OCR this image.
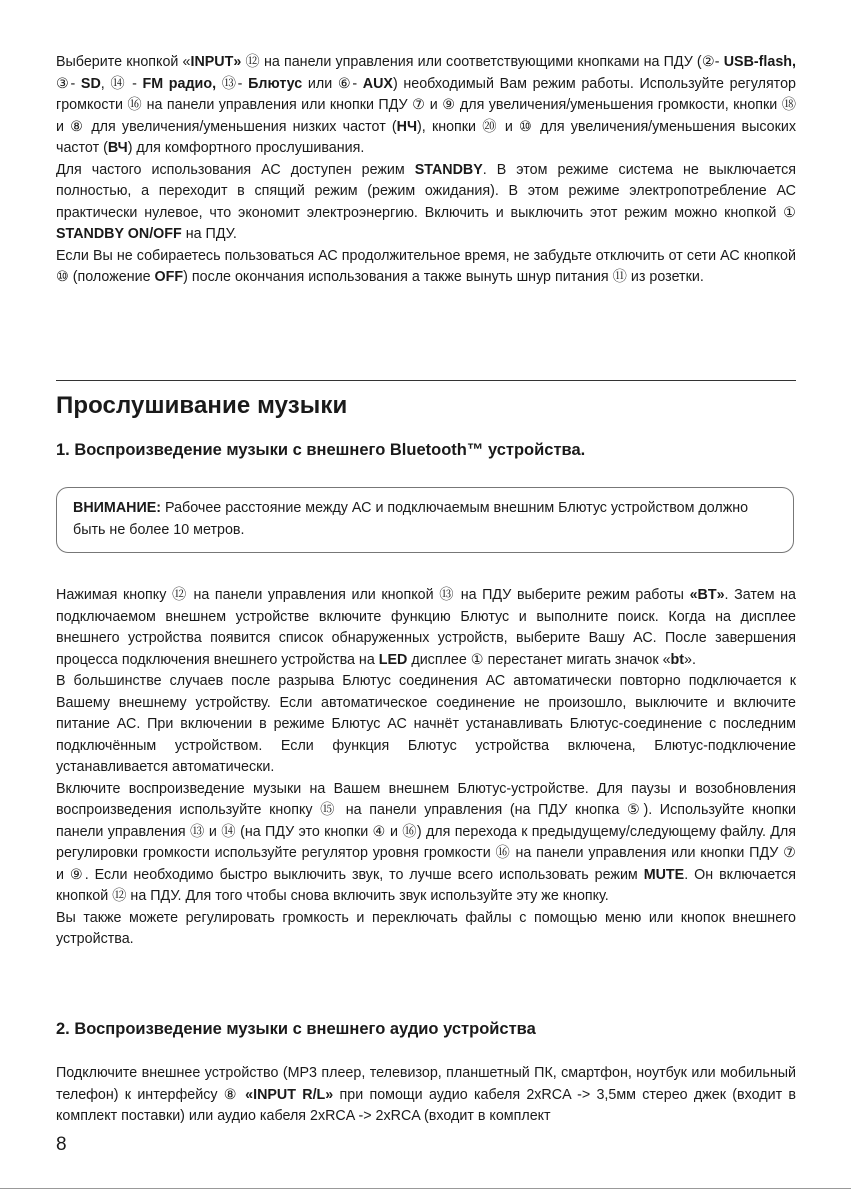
Выберите кнопкой «INPUT» ⑫ на панели управления или соответствующими кнопками на ПДУ (②- USB-flash, ③- SD, ⑭ - FM радио, ⑬- Блютус или ⑥- AUX) необходимый Вам режим работы. Используйте регулятор громкости ⑯ на панели управления или кнопки ПДУ ⑦ и ⑨ для увеличения/уменьшения громкости, кнопки ⑱ и ⑧ для увеличения/уменьшения низких частот (НЧ), кнопки ⑳ и ⑩ для увеличения/уменьшения высоких частот (ВЧ) для комфортного прослушивания.

Для частого использования АС доступен режим STANDBY. В этом режиме система не выключается полностью, а переходит в спящий режим (режим ожидания). В этом режиме электропотребление АС практически нулевое, что экономит электроэнергию. Включить и выключить этот режим можно кнопкой ① STANDBY ON/OFF на ПДУ.

Если Вы не собираетесь пользоваться АС продолжительное время, не забудьте отключить от сети АС кнопкой ⑩ (положение OFF) после окончания использования а также вынуть шнур питания ⑪ из розетки.

Прослушивание музыки
1. Воспроизведение музыки с внешнего Bluetooth™ устройства.

ВНИМАНИЕ: Рабочее расстояние между АС и подключаемым внешним Блютус устройством должно быть не более 10 метров.

Нажимая кнопку ⑫ на панели управления или кнопкой ⑬ на ПДУ выберите режим работы «BT». Затем на подключаемом внешнем устройстве включите функцию Блютус и выполните поиск. Когда на дисплее внешнего устройства появится список обнаруженных устройств, выберите Вашу АС. После завершения процесса подключения внешнего устройства на LED дисплее ① перестанет мигать значок «bt».

В большинстве случаев после разрыва Блютус соединения АС автоматически повторно подключается к Вашему внешнему устройству. Если автоматическое соединение не произошло, выключите и включите питание АС. При включении в режиме Блютус АС начнёт устанавливать Блютус-соединение с последним подключённым устройством. Если функция Блютус устройства включена, Блютус-подключение устанавливается автоматически.

Включите воспроизведение музыки на Вашем внешнем Блютус-устройстве. Для паузы и возобновления воспроизведения используйте кнопку ⑮ на панели управления (на ПДУ кнопка ⑤). Используйте кнопки панели управления ⑬ и ⑭ (на ПДУ это кнопки ④ и ⑯) для перехода к предыдущему/следующему файлу. Для регулировки громкости используйте регулятор уровня громкости ⑯ на панели управления или кнопки ПДУ ⑦ и ⑨. Если необходимо быстро выключить звук, то лучше всего использовать режим MUTE. Он включается кнопкой ⑫ на ПДУ. Для того чтобы снова включить звук используйте эту же кнопку.

Вы также можете регулировать громкость и переключать файлы с помощью меню или кнопок внешнего устройства.

2. Воспроизведение музыки с внешнего аудио устройства

Подключите внешнее устройство (МР3 плеер, телевизор, планшетный ПК, смартфон, ноутбук или мобильный телефон) к интерфейсу ⑧ «INPUT R/L» при помощи аудио кабеля 2хRCA -> 3,5мм стерео джек (входит в комплект поставки) или аудио кабеля 2хRCA -> 2хRCA (входит в комплект

8
